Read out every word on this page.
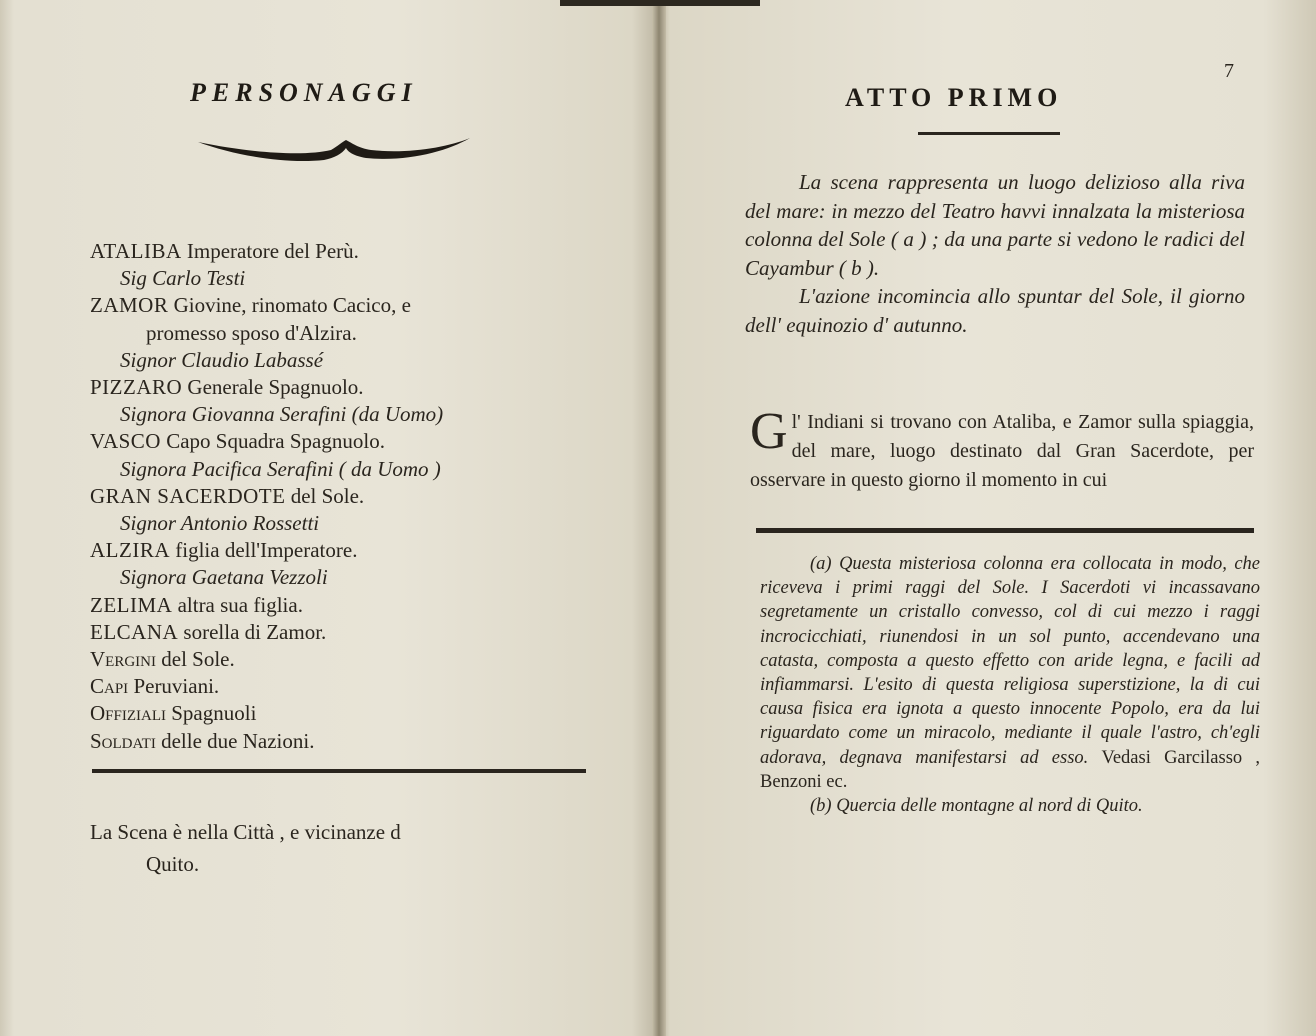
PERSONAGGI
ATALIBA Imperatore del Perù.
Sig Carlo Testi
ZAMOR Giovine, rinomato Cacico, e
promesso sposo d'Alzira.
Signor Claudio Labassé
PIZZARO Generale Spagnuolo.
Signora Giovanna Serafini (da Uomo)
VASCO Capo Squadra Spagnuolo.
Signora Pacifica Serafini ( da Uomo )
GRAN SACERDOTE del Sole.
Signor Antonio Rossetti
ALZIRA figlia dell'Imperatore.
Signora Gaetana Vezzoli
ZELIMA altra sua figlia.
ELCANA sorella di Zamor.
Vergini del Sole.
Capi Peruviani.
Offiziali Spagnuoli
Soldati delle due Nazioni.
La Scena è nella Città , e vicinanze d
Quito.
7
ATTO PRIMO

La scena rappresenta un luogo delizioso alla riva del mare: in mezzo del Teatro havvi innalzata la misteriosa colonna del Sole ( a ) ; da una parte si vedono le radici del Cayambur ( b ).

L'azione incomincia allo spuntar del Sole, il giorno dell' equinozio d' autunno.

Gl' Indiani si trovano con Ataliba, e Zamor sulla spiaggia, del mare, luogo destinato dal Gran Sacerdote, per osservare in questo giorno il momento in cui

(a) Questa misteriosa colonna era collocata in modo, che riceveva i primi raggi del Sole. I Sacerdoti vi incassavano segretamente un cristallo convesso, col di cui mezzo i raggi incrocicchiati, riunendosi in un sol punto, accendevano una catasta, composta a questo effetto con aride legna, e facili ad infiammarsi. L'esito di questa religiosa superstizione, la di cui causa fisica era ignota a questo innocente Popolo, era da lui riguardato come un miracolo, mediante il quale l'astro, ch'egli adorava, degnava manifestarsi ad esso. Vedasi Garcilasso , Benzoni ec.

(b) Quercia delle montagne al nord di Quito.
